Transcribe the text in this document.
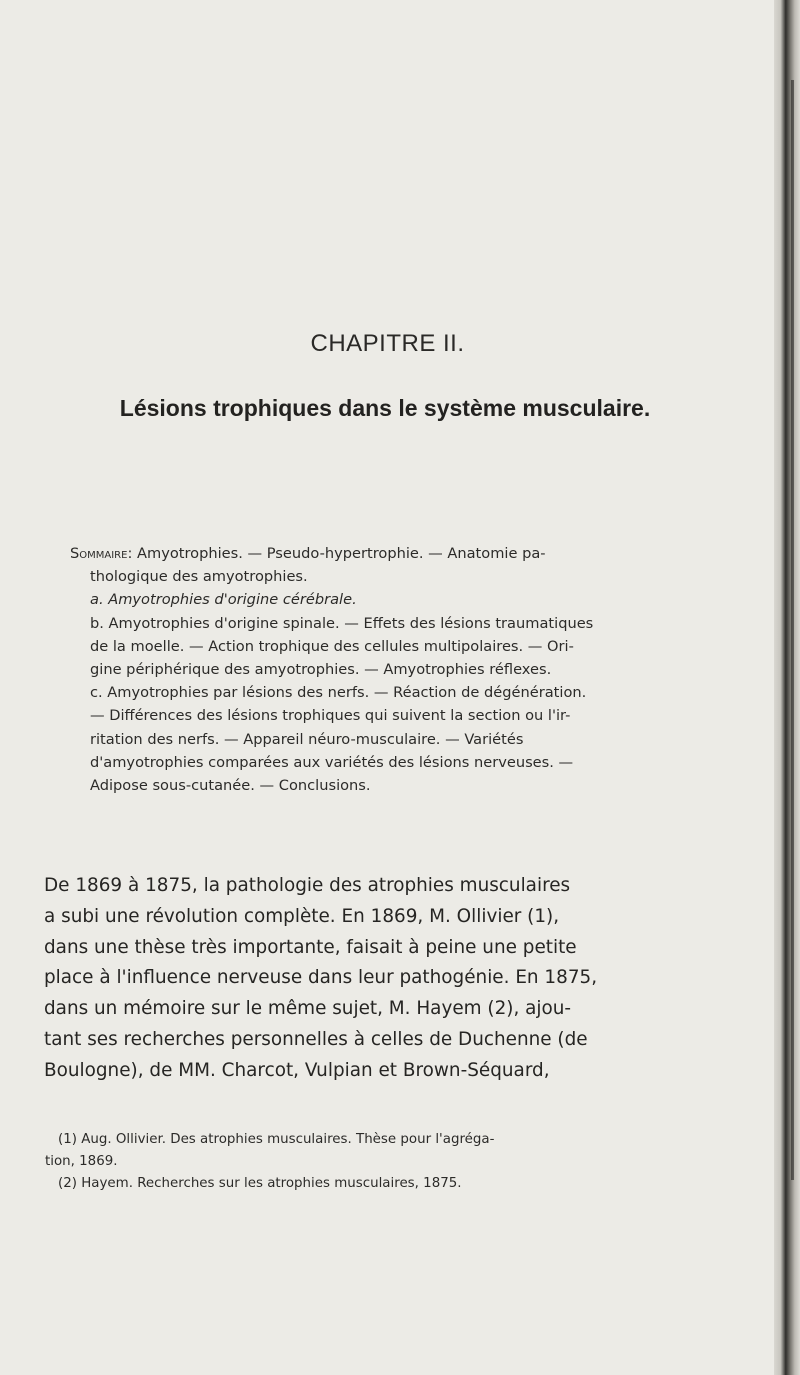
CHAPITRE II.
Lésions trophiques dans le système musculaire.
Sommaire: Amyotrophies. — Pseudo-hypertrophie. — Anatomie pa-
thologique des amyotrophies.
a. Amyotrophies d'origine cérébrale.
b. Amyotrophies d'origine spinale. — Effets des lésions traumatiques
de la moelle. — Action trophique des cellules multipolaires. — Ori-
gine périphérique des amyotrophies. — Amyotrophies réflexes.
c. Amyotrophies par lésions des nerfs. — Réaction de dégénération.
— Différences des lésions trophiques qui suivent la section ou l'ir-
ritation des nerfs. — Appareil néuro-musculaire. — Variétés
d'amyotrophies comparées aux variétés des lésions nerveuses. —
Adipose sous-cutanée. — Conclusions.
De 1869 à 1875, la pathologie des atrophies musculaires
a subi une révolution complète. En 1869, M. Ollivier (1),
dans une thèse très importante, faisait à peine une petite
place à l'influence nerveuse dans leur pathogénie. En 1875,
dans un mémoire sur le même sujet, M. Hayem (2), ajou-
tant ses recherches personnelles à celles de Duchenne (de
Boulogne), de MM. Charcot, Vulpian et Brown-Séquard,
(1) Aug. Ollivier. Des atrophies musculaires. Thèse pour l'agréga-
tion, 1869.
(2) Hayem. Recherches sur les atrophies musculaires, 1875.
